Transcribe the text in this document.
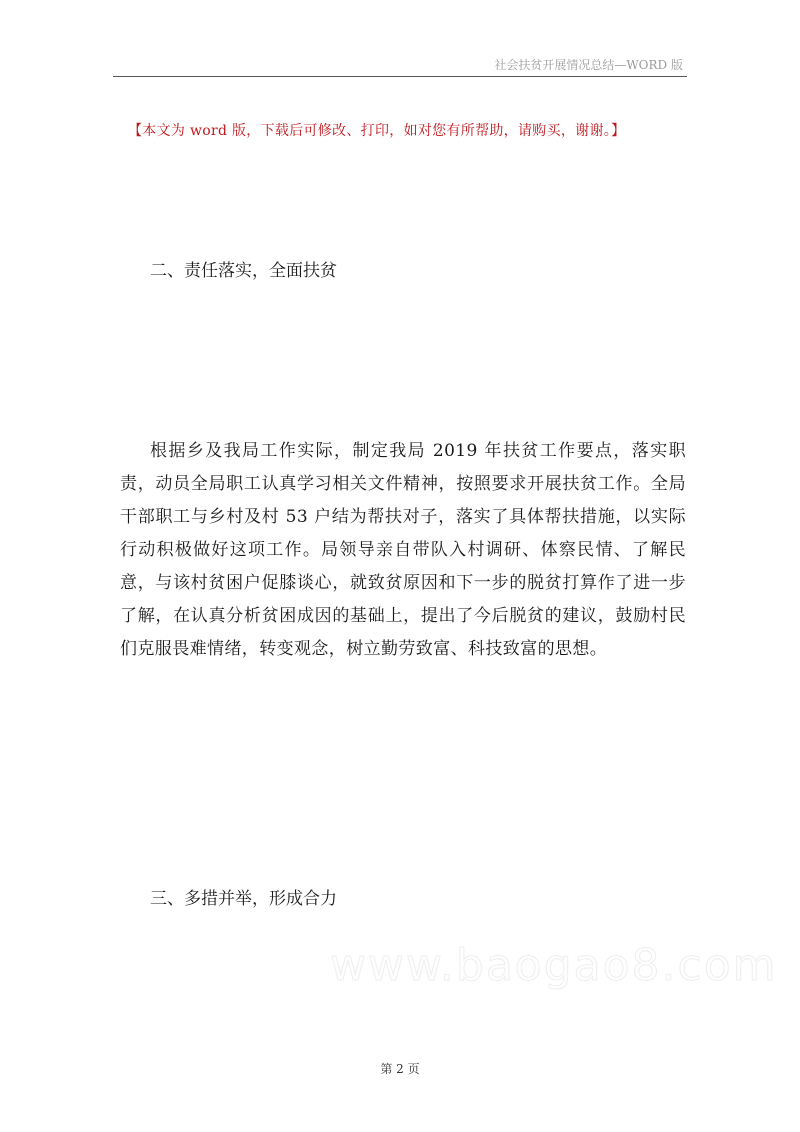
社会扶贫开展情况总结—WORD 版
【本文为 word 版，下载后可修改、打印，如对您有所帮助，请购买，谢谢。】
二、责任落实，全面扶贫

根据乡及我局工作实际，制定我局 2019 年扶贫工作要点，落实职责，动员全局职工认真学习相关文件精神，按照要求开展扶贫工作。全局干部职工与乡村及村 53 户结为帮扶对子，落实了具体帮扶措施，以实际行动积极做好这项工作。局领导亲自带队入村调研、体察民情、了解民意，与该村贫困户促膝谈心，就致贫原因和下一步的脱贫打算作了进一步了解，在认真分析贫困成因的基础上，提出了今后脱贫的建议，鼓励村民们克服畏难情绪，转变观念，树立勤劳致富、科技致富的思想。

三、多措并举，形成合力
www.baogao8.com
第 2 页
